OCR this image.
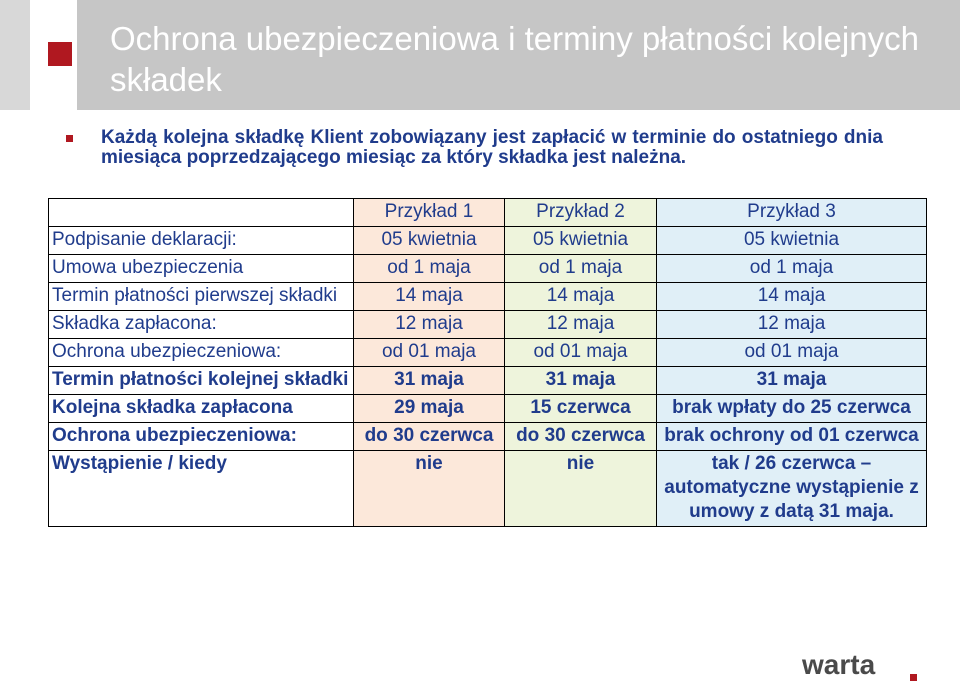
Ochrona ubezpieczeniowa i terminy płatności kolejnych składek

Każdą kolejna składkę Klient zobowiązany jest zapłacić w terminie do ostatniego dnia miesiąca poprzedzającego miesiąc za który składka jest należna.

	Przykład 1	Przykład 2	Przykład 3
Podpisanie deklaracji:	05 kwietnia	05 kwietnia	05 kwietnia
Umowa ubezpieczenia	od 1 maja	od 1 maja	od 1 maja

Termin płatności pierwszej składki	14 maja	14 maja	14 maja
Składka zapłacona:	12 maja	12 maja	12 maja
Ochrona ubezpieczeniowa:	od 01 maja	od 01 maja	od 01 maja

Termin płatności kolejnej składki	31 maja	31 maja	31 maja
Kolejna składka zapłacona	29 maja	15 czerwca	brak wpłaty do 25 czerwca
Ochrona ubezpieczeniowa:	do 30 czerwca	do 30 czerwca	brak ochrony od 01 czerwca
Wystąpienie / kiedy	nie	nie	tak / 26 czerwca – automatyczne wystąpienie z umowy z datą 31 maja.
warta
